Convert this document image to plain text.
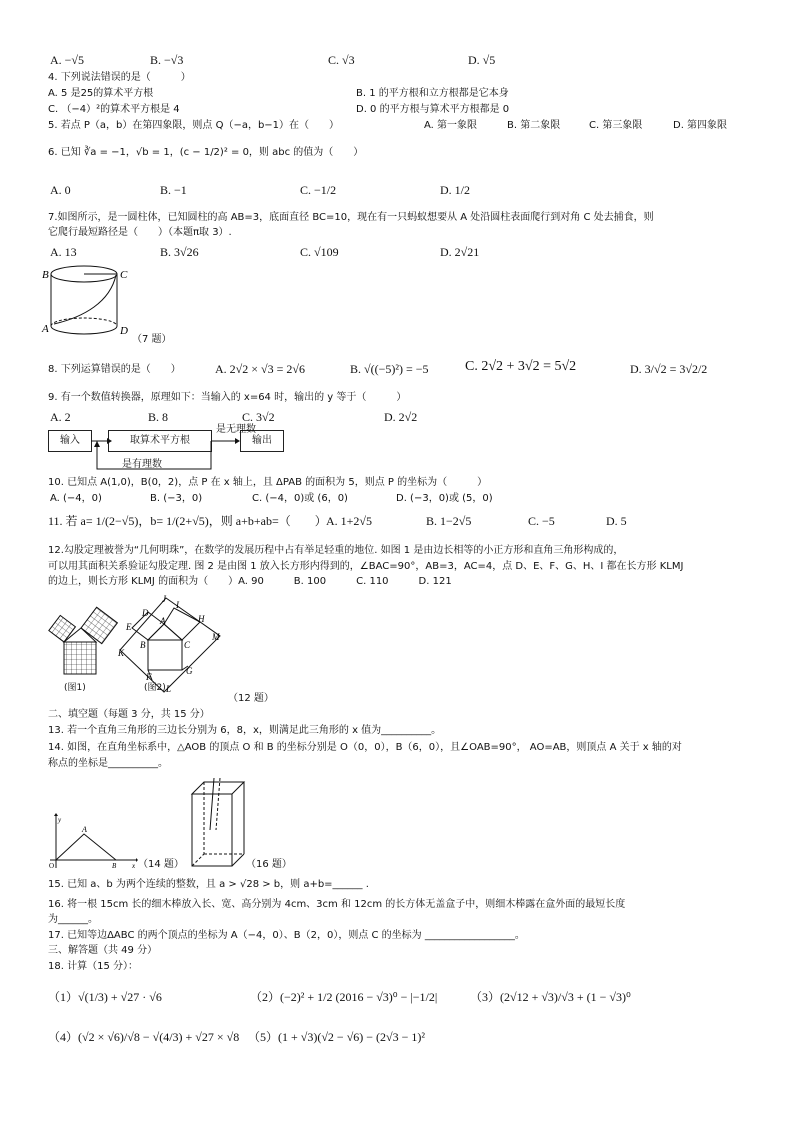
A. −√5	B. −√3	C. √3	D. √5
4. 下列说法错误的是（　　　）
A. 5 是25的算术平方根	B. 1 的平方根和立方根都是它本身
C. （−4）²的算术平方根是 4	D. 0 的平方根与算术平方根都是 0
5. 若点 P（a，b）在第四象限，则点 Q（−a，b−1）在（　　）	A. 第一象限	B. 第二象限	C. 第三象限	D. 第四象限
6. 已知 ∛a = −1，√b = 1，(c − 1/2)² = 0，则 abc 的值为（　　）
A. 0	B. −1	C. −1/2	D. 1/2
7.如图所示，是一圆柱体，已知圆柱的高 AB=3，底面直径 BC=10，现在有一只蚂蚁想要从 A 处沿圆柱表面爬行到对角 C 处去捕食，则
它爬行最短路径是（　　）（本题π取 3）.
A. 13	B. 3√26	C. √109	D. 2√21
B	C
A	D
（7 题）
8. 下列运算错误的是（　　）	A. 2√2 × √3 = 2√6	B. √((−5)²) = −5	C. 2√2 + 3√2 = 5√2	D. 3/√2 = 3√2/2
9. 有一个数值转换器，原理如下：当输入的 x=64 时，输出的 y 等于（　　　）
A. 2	B. 8	C. 3√2	D. 2√2
输入	取算术平方根	输出
是无理数
是有理数
10. 已知点 A(1,0)，B(0，2)，点 P 在 x 轴上，且 ΔPAB 的面积为 5，则点 P 的坐标为（　　　）
A. (−4，0)	B. (−3，0)	C. (−4，0)或 (6，0)	D. (−3，0)或 (5，0)
11. 若 a= 1/(2−√5)，b= 1/(2+√5)，则 a+b+ab=（　　） A. 1+2√5	B. 1−2√5	C. −5	D. 5
12.勾股定理被誉为“几何明珠”，在数学的发展历程中占有举足轻重的地位. 如图 1 是由边长相等的小正方形和直角三角形构成的，
可以用其面积关系验证勾股定理. 图 2 是由图 1 放入长方形内得到的，∠BAC=90°，AB=3，AC=4，点 D、E、F、G、H、I 都在长方形 KLMJ
的边上，则长方形 KLMJ 的面积为（　　）A. 90　　　B. 100　　　C. 110　　　D. 121
(图1)
J
I
D
A	H
E
M
B	C
K
F
G
L
(图2)
（12 题）
二、填空题（每题 3 分，共 15 分）
13. 若一个直角三角形的三边长分别为 6，8，x，则满足此三角形的 x 值为__________。
14. 如图，在直角坐标系中，△AOB 的顶点 O 和 B 的坐标分别是 O（0，0），B（6，0），且∠OAB=90°， AO=AB，则顶点 A 关于 x 轴的对
称点的坐标是__________。
y
x
A
O	B （14 题）	（16 题）
15. 已知 a、b 为两个连续的整数，且 a > √28 > b，则 a+b=______ .
16. 将一根 15cm 长的细木棒放入长、宽、高分别为 4cm、3cm 和 12cm 的长方体无盖盒子中，则细木棒露在盒外面的最短长度
为______。
17. 已知等边ΔABC 的两个顶点的坐标为 A（−4，0）、B（2，0），则点 C 的坐标为 __________________。
三、解答题（共 49 分）
18. 计算（15 分）：
（1）√(1/3) + √27 · √6	（2）(−2)² + 1/2 (2016 − √3)⁰ − |−1/2|	（3）(2√12 + √3)/√3 + (1 − √3)⁰
（4）(√2 × √6)/√8 − √(4/3) + √27 × √8 （5）(1 + √3)(√2 − √6) − (2√3 − 1)²
